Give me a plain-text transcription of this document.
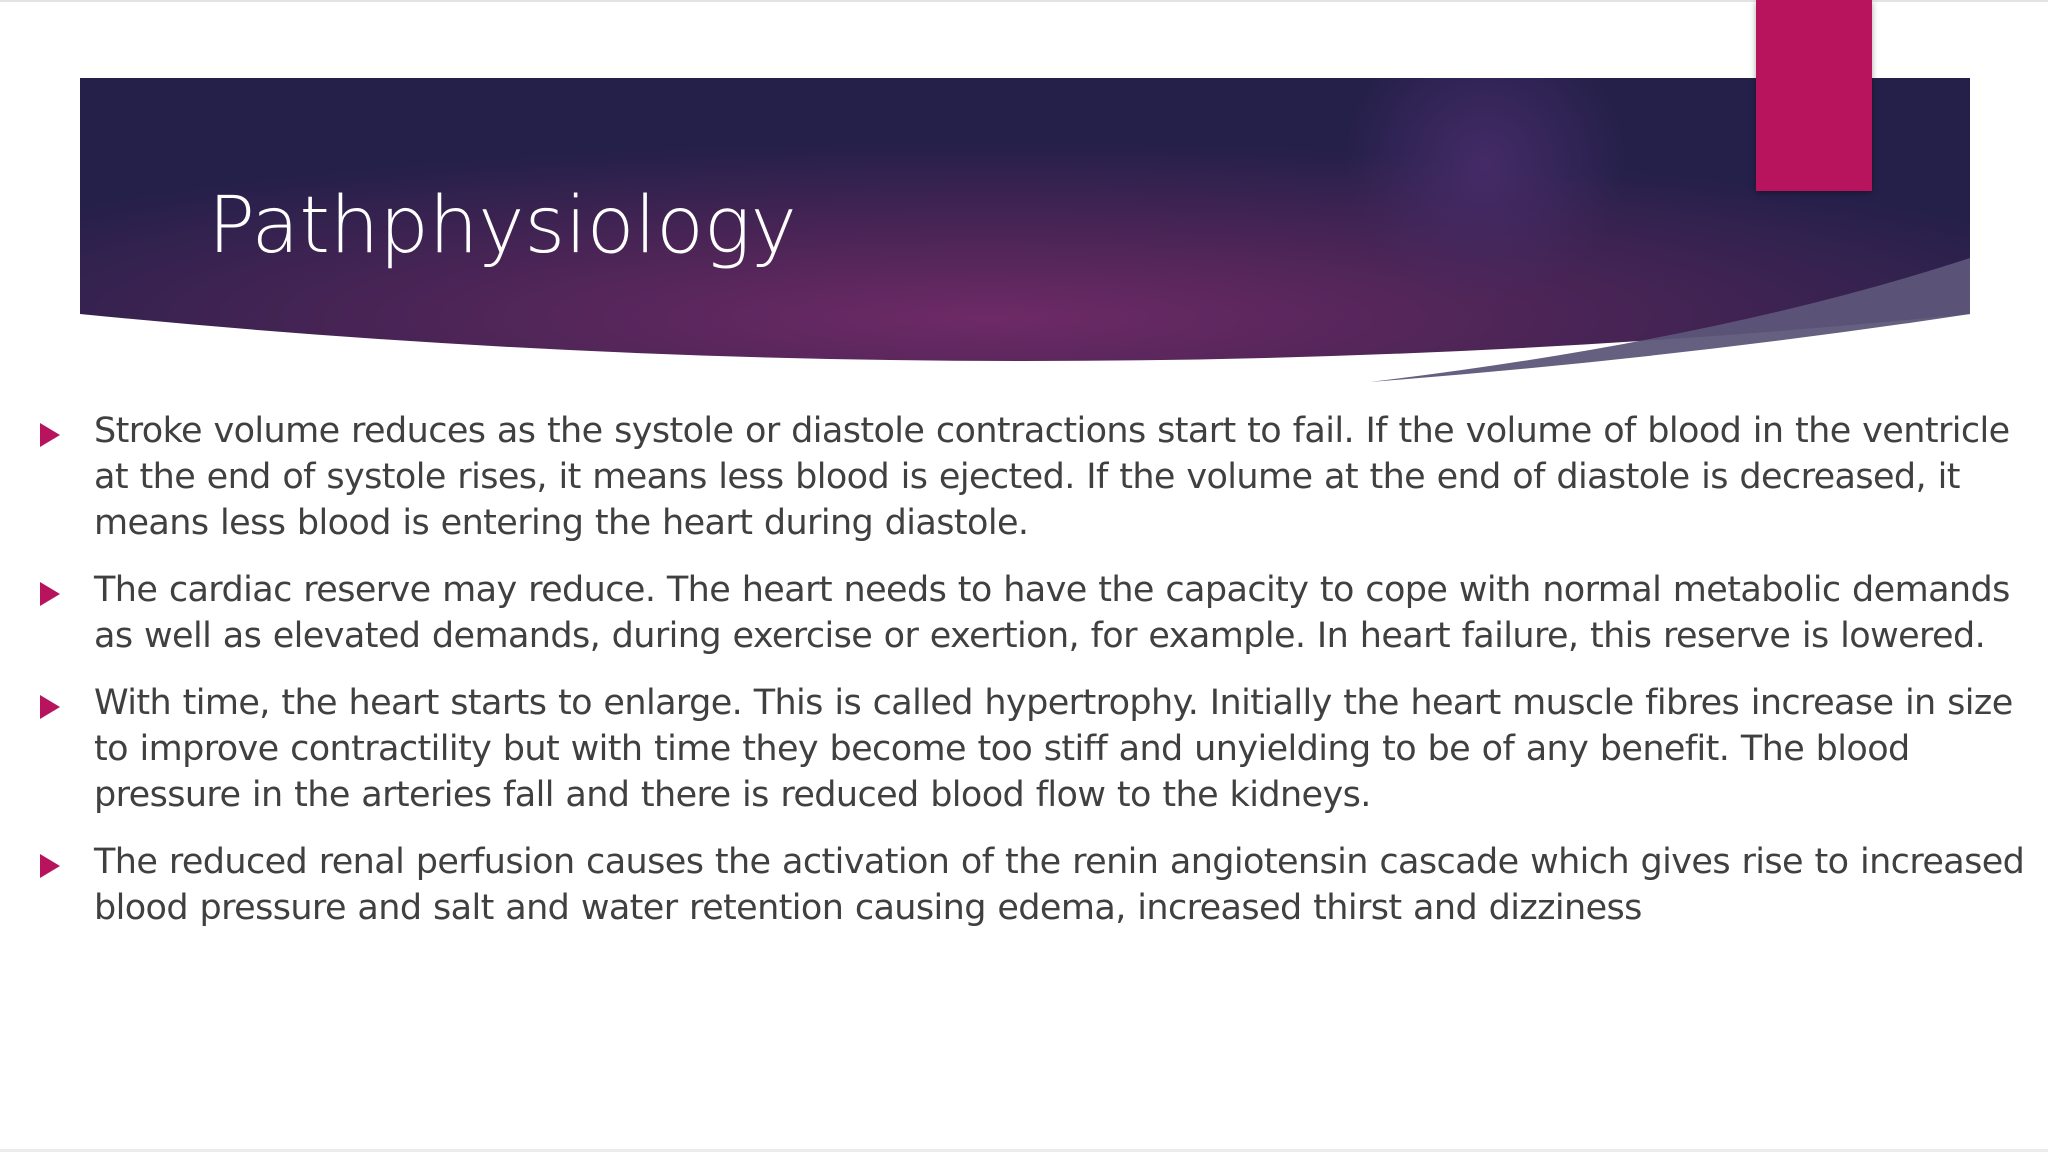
Pathphysiology
Stroke volume reduces as the systole or diastole contractions start to fail. If the volume of blood in the ventricle at the end of systole rises, it means less blood is ejected. If the volume at the end of diastole is decreased, it means less blood is entering the heart during diastole.
The cardiac reserve may reduce. The heart needs to have the capacity to cope with normal metabolic demands as well as elevated demands, during exercise or exertion, for example. In heart failure, this reserve is lowered.
With time, the heart starts to enlarge. This is called hypertrophy. Initially the heart muscle fibres increase in size to improve contractility but with time they become too stiff and unyielding to be of any benefit. The blood pressure in the arteries fall and there is reduced blood flow to the kidneys.
The reduced renal perfusion causes the activation of the renin angiotensin cascade which gives rise to increased blood pressure and salt and water retention causing edema, increased thirst and dizziness
